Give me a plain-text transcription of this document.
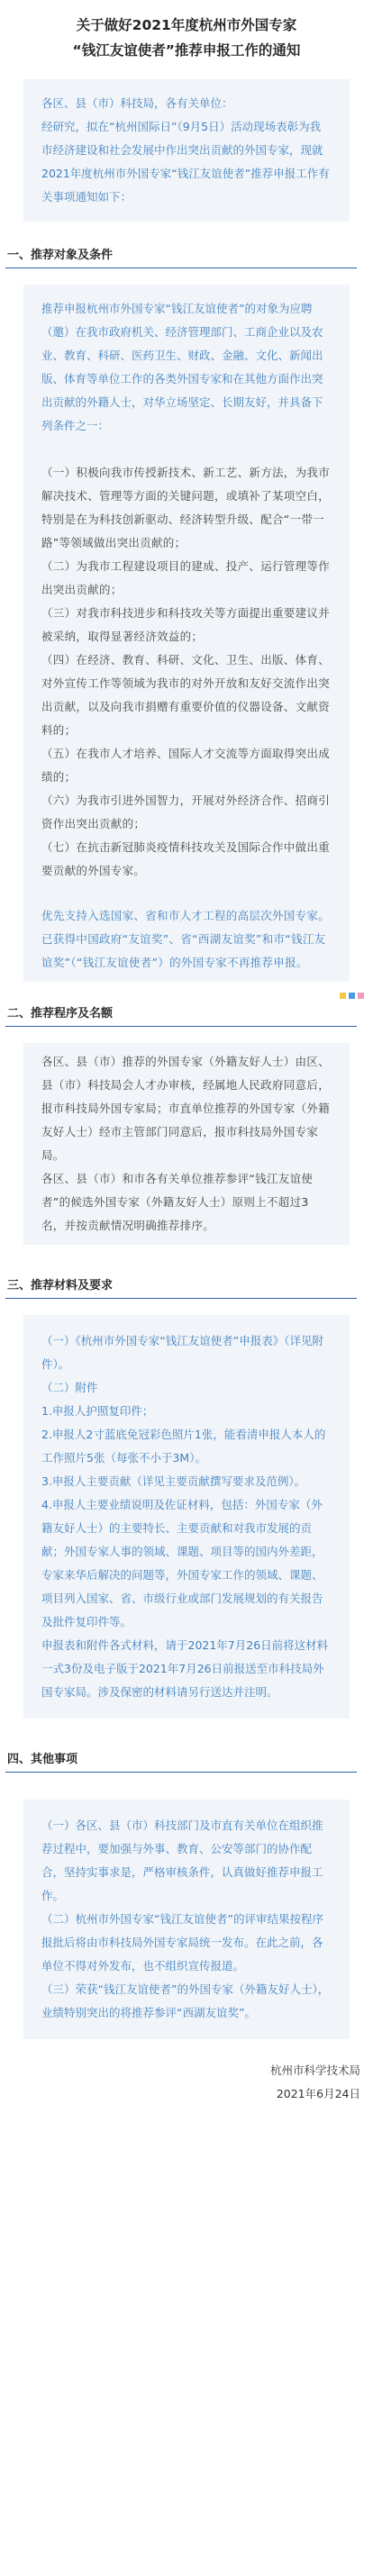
关于做好2021年度杭州市外国专家
“钱江友谊使者”推荐申报工作的通知

各区、县（市）科技局，各有关单位：

经研究，拟在“杭州国际日”（9月5日）活动现场表彰为我市经济建设和社会发展中作出突出贡献的外国专家，现就2021年度杭州市外国专家“钱江友谊使者”推荐申报工作有关事项通知如下：

一、推荐对象及条件

推荐申报杭州市外国专家“钱江友谊使者”的对象为应聘（邀）在我市政府机关、经济管理部门、工商企业以及农业、教育、科研、医药卫生、财政、金融、文化、新闻出版、体育等单位工作的各类外国专家和在其他方面作出突出贡献的外籍人士，对华立场坚定、长期友好，并具备下列条件之一：

（一）积极向我市传授新技术、新工艺、新方法，为我市解决技术、管理等方面的关键问题，或填补了某项空白，特别是在为科技创新驱动、经济转型升级、配合“一带一路”等领域做出突出贡献的；

（二）为我市工程建设项目的建成、投产、运行管理等作出突出贡献的；

（三）对我市科技进步和科技攻关等方面提出重要建议并被采纳，取得显著经济效益的；

（四）在经济、教育、科研、文化、卫生、出版、体育、对外宣传工作等领域为我市的对外开放和友好交流作出突出贡献，以及向我市捐赠有重要价值的仪器设备、文献资料的；

（五）在我市人才培养、国际人才交流等方面取得突出成绩的；

（六）为我市引进外国智力，开展对外经济合作、招商引资作出突出贡献的；

（七）在抗击新冠肺炎疫情科技攻关及国际合作中做出重要贡献的外国专家。

优先支持入选国家、省和市人才工程的高层次外国专家。已获得中国政府“友谊奖”、省“西湖友谊奖”和市“钱江友谊奖”（“钱江友谊使者”）的外国专家不再推荐申报。

二、推荐程序及名额

各区、县（市）推荐的外国专家（外籍友好人士）由区、县（市）科技局会人才办审核，经属地人民政府同意后，报市科技局外国专家局；市直单位推荐的外国专家（外籍友好人士）经市主管部门同意后，报市科技局外国专家局。

各区、县（市）和市各有关单位推荐参评“钱江友谊使者”的候选外国专家（外籍友好人士）原则上不超过3名，并按贡献情况明确推荐排序。

三、推荐材料及要求

（一）《杭州市外国专家“钱江友谊使者”申报表》（详见附件）。

（二）附件

1.申报人护照复印件；

2.申报人2寸蓝底免冠彩色照片1张，能看清申报人本人的工作照片5张（每张不小于3M）。

3.申报人主要贡献（详见主要贡献撰写要求及范例）。

4.申报人主要业绩说明及佐证材料，包括：外国专家（外籍友好人士）的主要特长、主要贡献和对我市发展的贡献；外国专家人事的领域、课题、项目等的国内外差距，专家来华后解决的问题等，外国专家工作的领域、课题、项目列入国家、省、市级行业或部门发展规划的有关报告及批件复印件等。

申报表和附件各式材料，请于2021年7月26日前将这材料一式3份及电子版于2021年7月26日前报送至市科技局外国专家局。涉及保密的材料请另行送达并注明。

四、其他事项

（一）各区、县（市）科技部门及市直有关单位在组织推荐过程中，要加强与外事、教育、公安等部门的协作配合，坚持实事求是，严格审核条件，认真做好推荐申报工作。

（二）杭州市外国专家“钱江友谊使者”的评审结果按程序报批后将由市科技局外国专家局统一发布。在此之前，各单位不得对外发布，也不组织宣传报道。

（三）荣获“钱江友谊使者”的外国专家（外籍友好人士），业绩特别突出的将推荐参评“西湖友谊奖”。

杭州市科学技术局
2021年6月24日
